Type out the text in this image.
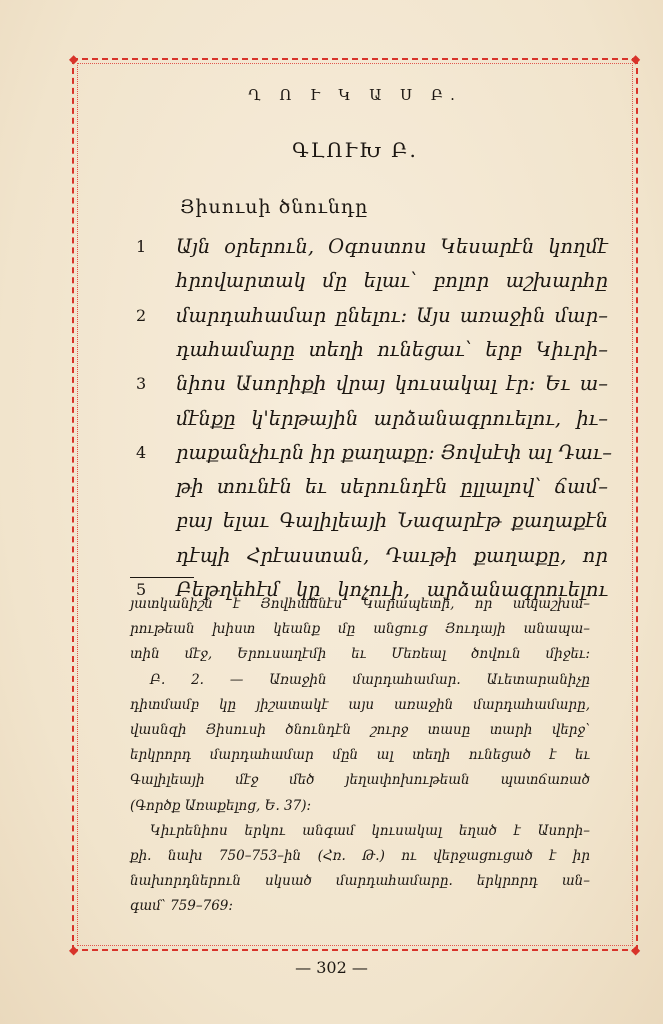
◆	◆
◆	◆
Ղ Ո Ւ Կ Ա Ս Բ.
ԳԼՈՒԽ Բ.
Յիսուսի ծնունդը
1 Այն օրերուն, Օգոստոս Կեսարէն կողմէ
հրովարտակ մը ելաւ՝ բոլոր աշխարհը
2 մարդահամար ընելու: Այս առաջին մար–
դահամարը տեղի ունեցաւ՝ երբ Կիւրի–
3 նիոս Ասորիքի վրայ կուսակալ էր: Եւ ա–
մէնքը կ'երթային արձանագրուելու, իւ–
4 րաքանչիւրն իր քաղաքը: Յովսէփ ալ Դաւ–
թի տունէն եւ սերունդէն ըլլալով՝ ճամ–
բայ ելաւ Գալիլեայի Նազարէթ քաղաքէն
դէպի Հրէաստան, Դաւթի քաղաքը, որ
5 Բեթղեհէմ կը կոչուի, արձանագրուելու
յատկանիշն է Յովհաննէս Կարապետի, որ ապաշխա–
րութեան խիստ կեանք մը անցուց Յուդայի անապա–
տին մէջ, Երուսաղէմի եւ Մեռեալ ծովուն միջեւ:
Բ. 2. — Առաջին մարդահամար. Աւետարանիչը
դիտմամբ կը յիշատակէ այս առաջին մարդահամարը,
վասնզի Յիսուսի ծնունդէն շուրջ տասը տարի վերջ՝
երկրորդ մարդահամար մըն ալ տեղի ունեցած է եւ
Գալիլեայի մէջ մեծ յեղափոխութեան պատճառած
(Գործք Առաքելոց, Ե. 37):
Կիւրենիոս երկու անգամ կուսակալ եղած է Ասորի–
քի. նախ 750–753–ին (Հռ. Թ.) ու վերջացուցած է իր
նախորդներուն սկսած մարդահամարը. երկրորդ ան–
գամ՝ 759–769:
— 302 —
